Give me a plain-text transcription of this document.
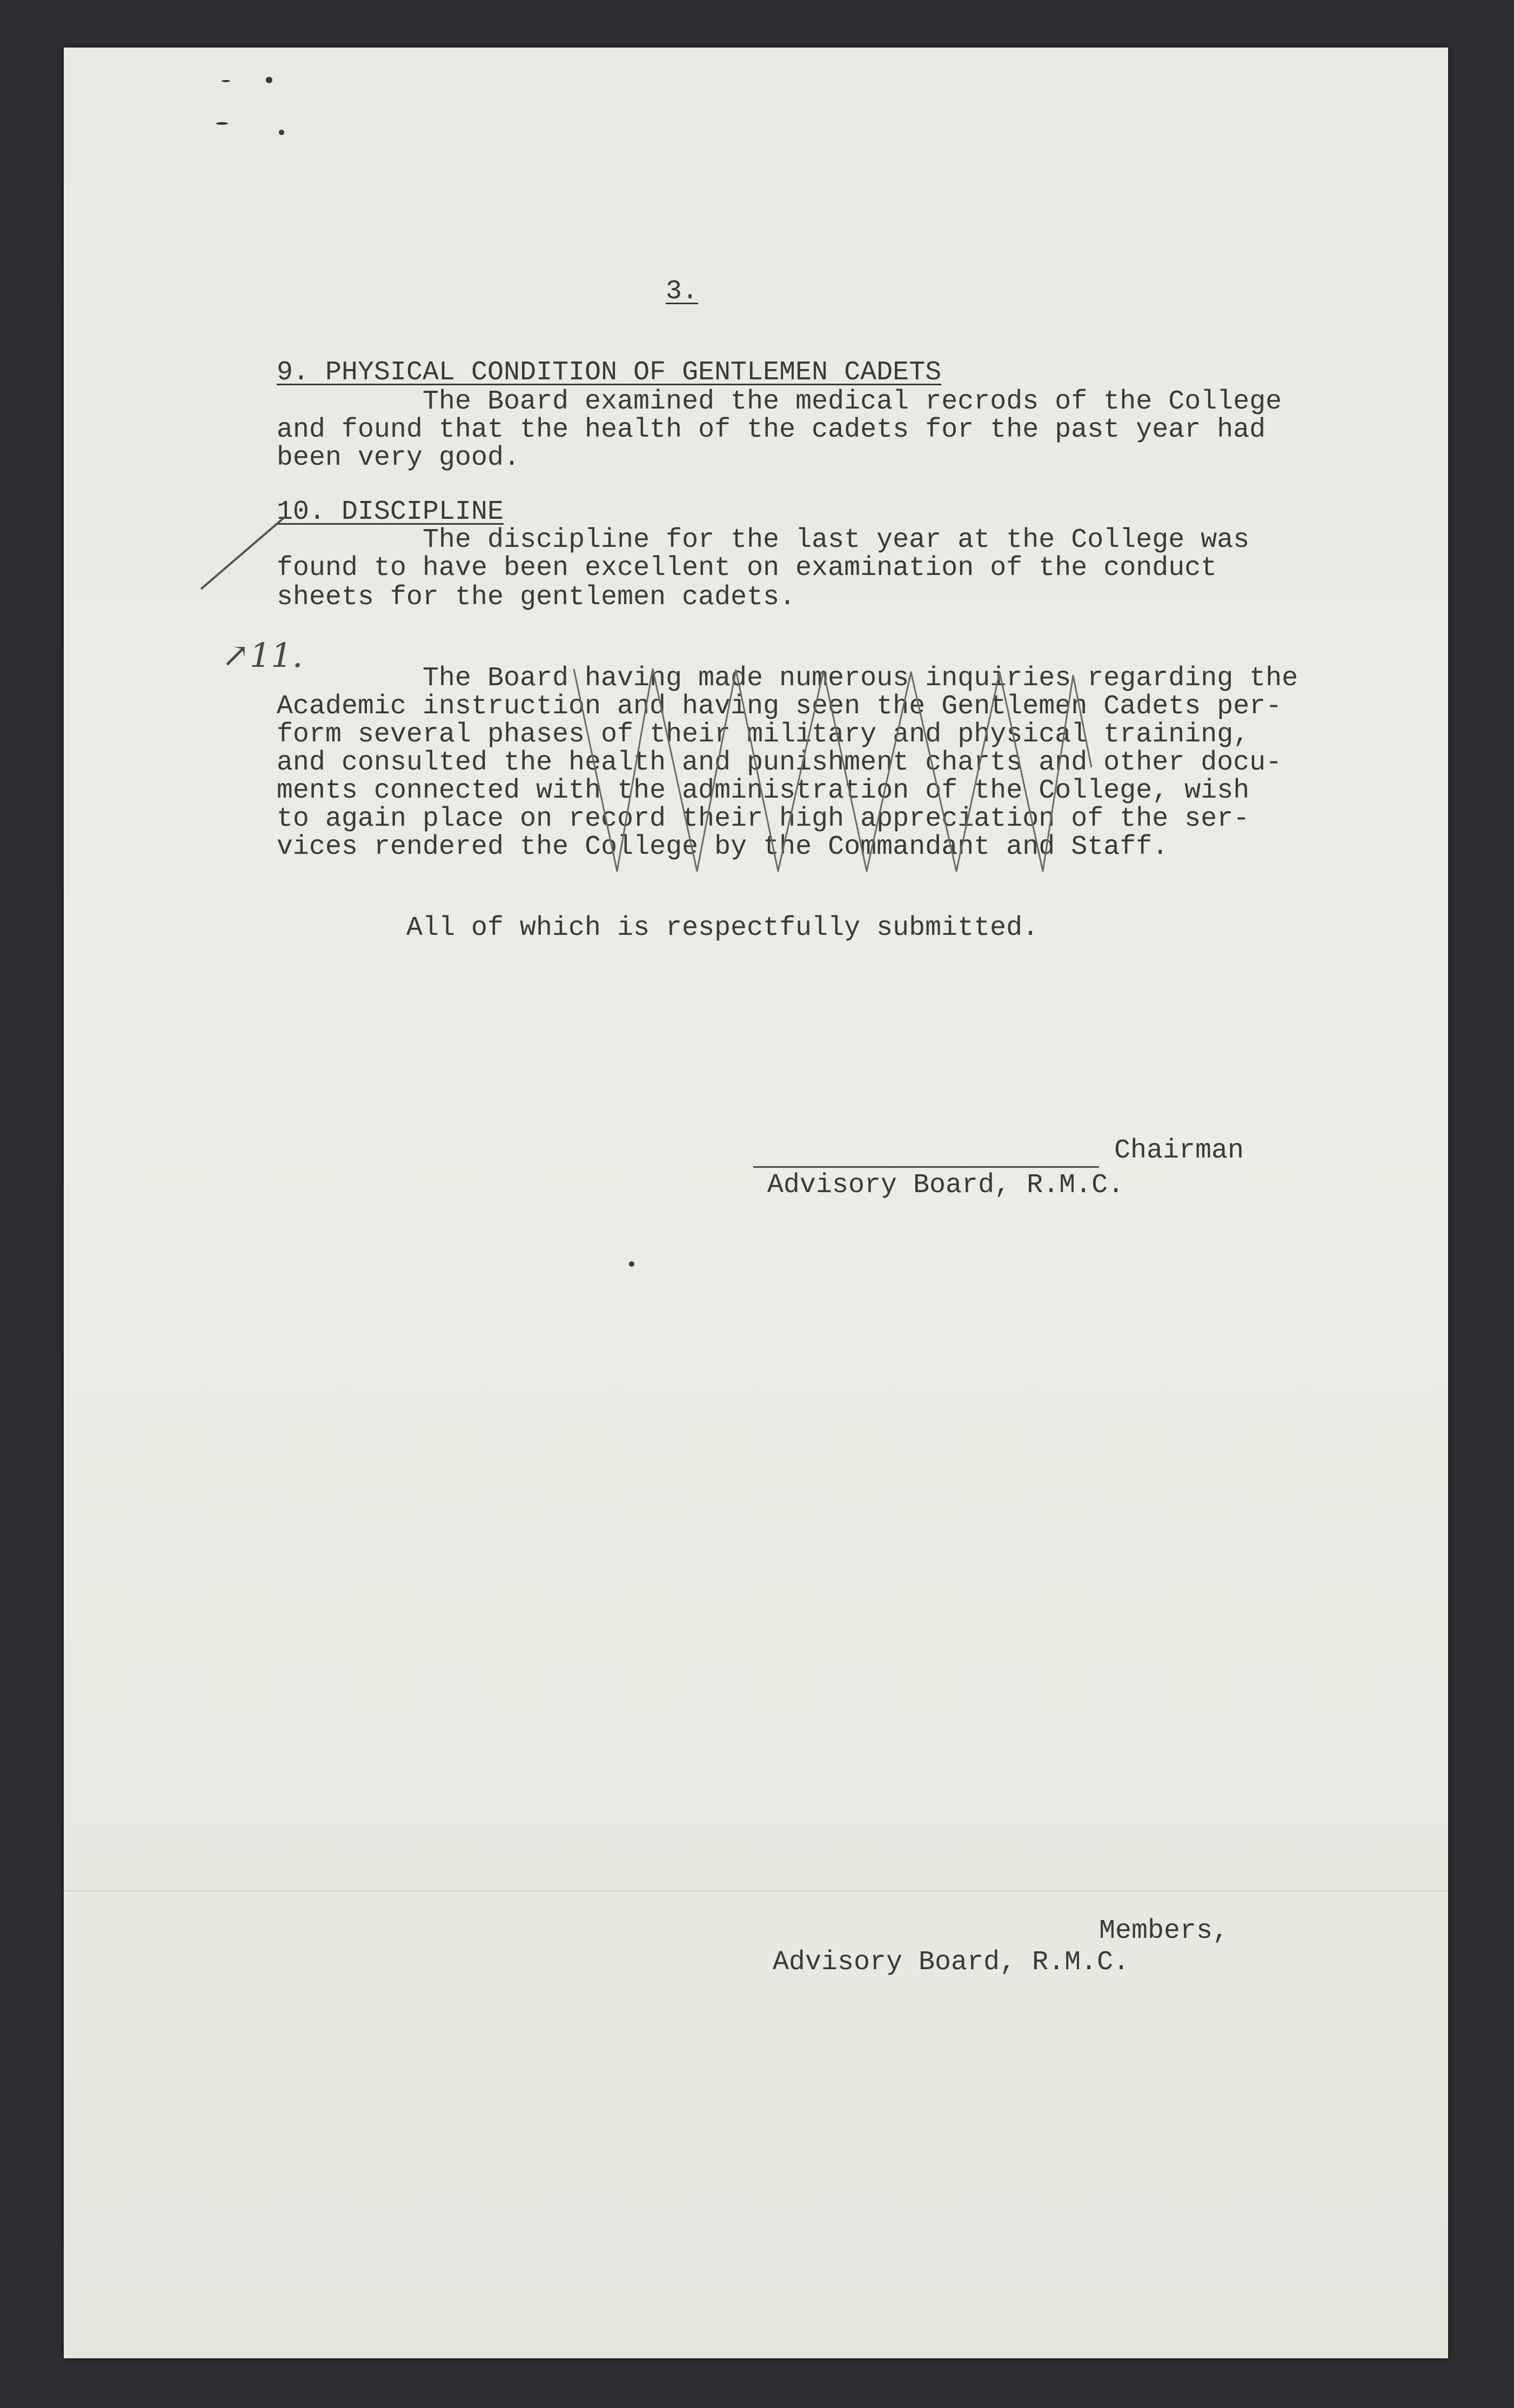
3.
9. PHYSICAL CONDITION OF GENTLEMEN CADETS
The Board examined the medical recrods of the College
and found that the health of the cadets for the past year had
been very good.
10. DISCIPLINE
The discipline for the last year at the College was
found to have been excellent on examination of the conduct
sheets for the gentlemen cadets.
↗11.
The Board having made numerous inquiries regarding the
Academic instruction and having seen the Gentlemen Cadets per-
form several phases of their military and physical training,
and consulted the health and punishment charts and other docu-
ments connected with the administration of the College, wish
to again place on record their high appreciation of the ser-
vices rendered the College by the Commandant and Staff.
All of which is respectfully submitted.
Chairman
Advisory Board, R.M.C.
Members,
Advisory Board, R.M.C.
